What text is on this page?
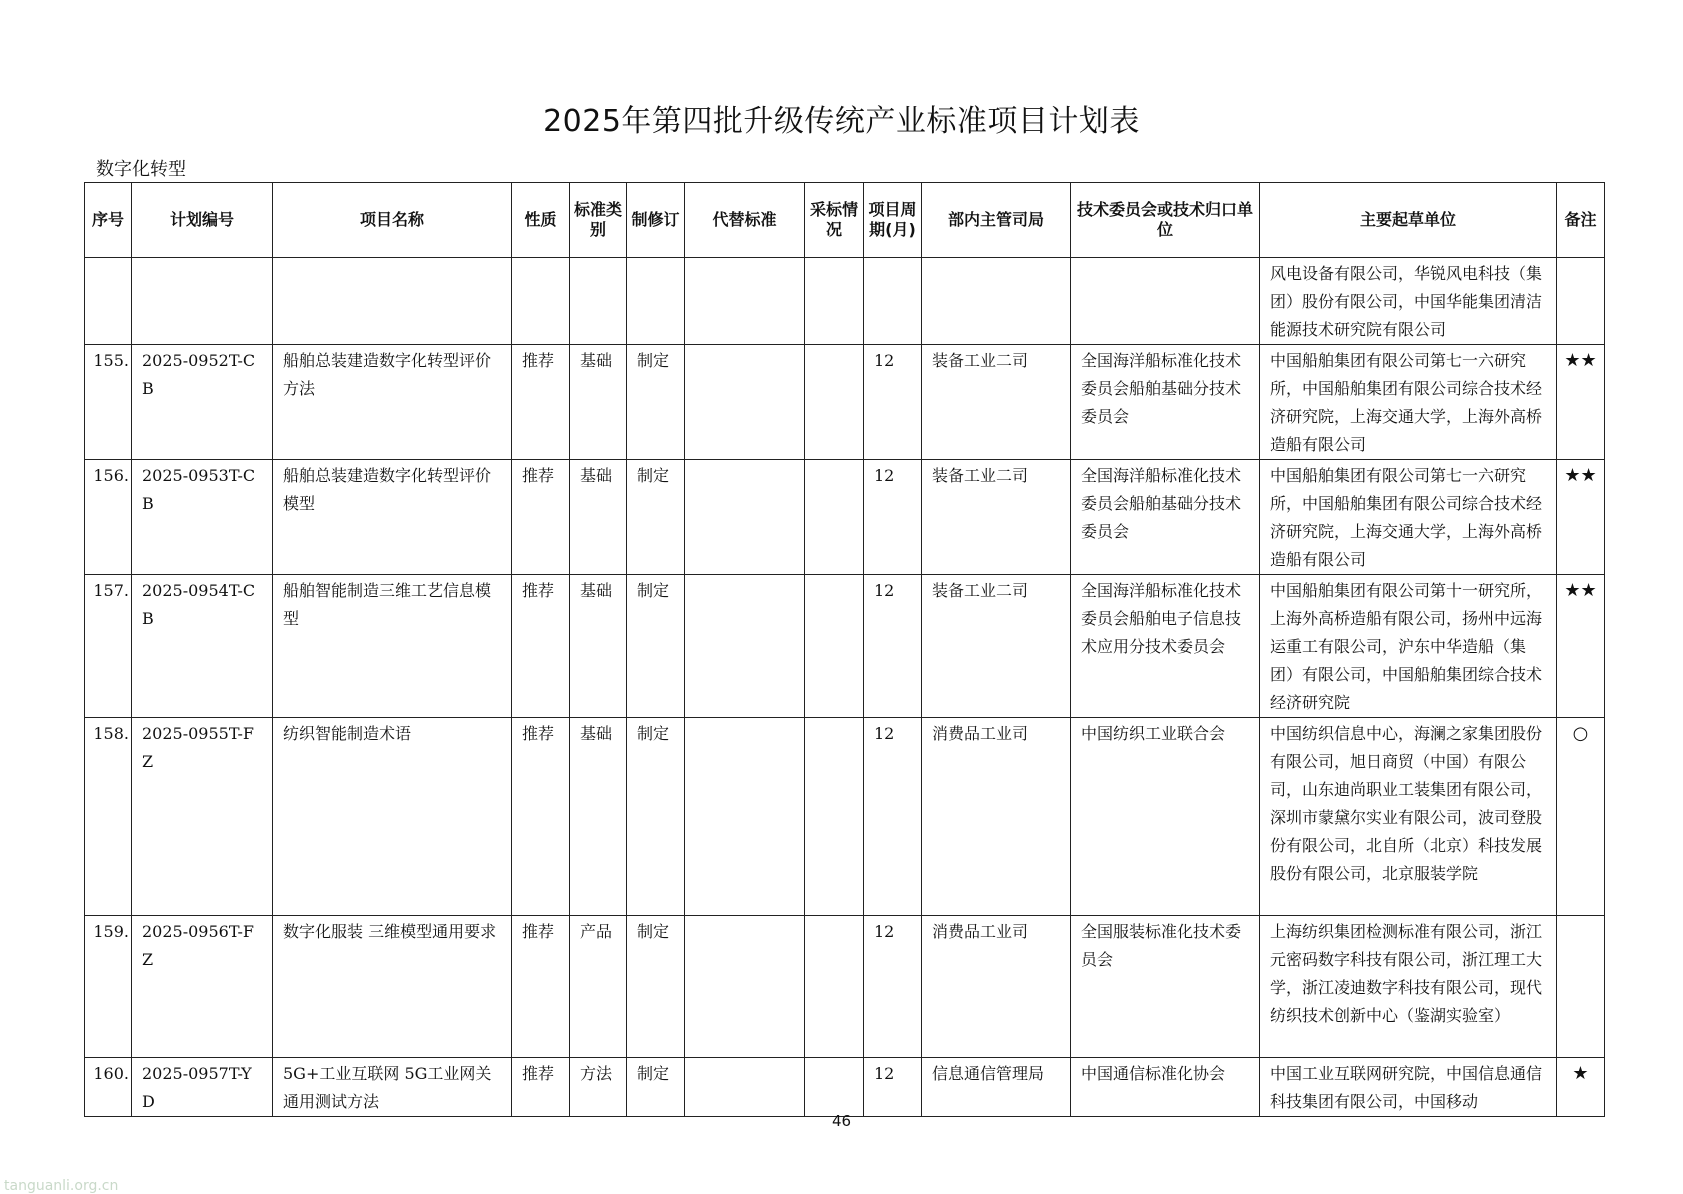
2025年第四批升级传统产业标准项目计划表
数字化转型
序号	计划编号	项目名称	性质	标准类别	制修订	代替标准	采标情况	项目周期(月)	部内主管司局	技术委员会或技术归口单位	主要起草单位	备注
											风电设备有限公司，华锐风电科技（集团）股份有限公司，中国华能集团清洁能源技术研究院有限公司	
155.	2025-0952T-CB	船舶总装建造数字化转型评价方法	推荐	基础	制定			12	装备工业二司	全国海洋船标准化技术委员会船舶基础分技术委员会	中国船舶集团有限公司第七一六研究所，中国船舶集团有限公司综合技术经济研究院，上海交通大学，上海外高桥造船有限公司	★★
156.	2025-0953T-CB	船舶总装建造数字化转型评价模型	推荐	基础	制定			12	装备工业二司	全国海洋船标准化技术委员会船舶基础分技术委员会	中国船舶集团有限公司第七一六研究所，中国船舶集团有限公司综合技术经济研究院，上海交通大学，上海外高桥造船有限公司	★★
157.	2025-0954T-CB	船舶智能制造三维工艺信息模型	推荐	基础	制定			12	装备工业二司	全国海洋船标准化技术委员会船舶电子信息技术应用分技术委员会	中国船舶集团有限公司第十一研究所，上海外高桥造船有限公司，扬州中远海运重工有限公司，沪东中华造船（集团）有限公司，中国船舶集团综合技术经济研究院	★★
158.	2025-0955T-FZ	纺织智能制造术语	推荐	基础	制定			12	消费品工业司	中国纺织工业联合会	中国纺织信息中心，海澜之家集团股份有限公司，旭日商贸（中国）有限公司，山东迪尚职业工装集团有限公司，深圳市蒙黛尔实业有限公司，波司登股份有限公司，北自所（北京）科技发展股份有限公司，北京服装学院	○
159.	2025-0956T-FZ	数字化服装 三维模型通用要求	推荐	产品	制定			12	消费品工业司	全国服装标准化技术委员会	上海纺织集团检测标准有限公司，浙江元密码数字科技有限公司，浙江理工大学，浙江凌迪数字科技有限公司，现代纺织技术创新中心（鉴湖实验室）	
160.	2025-0957T-YD	5G+工业互联网 5G工业网关通用测试方法	推荐	方法	制定			12	信息通信管理局	中国通信标准化协会	中国工业互联网研究院，中国信息通信科技集团有限公司，中国移动	★
46
tanguanli.org.cn
